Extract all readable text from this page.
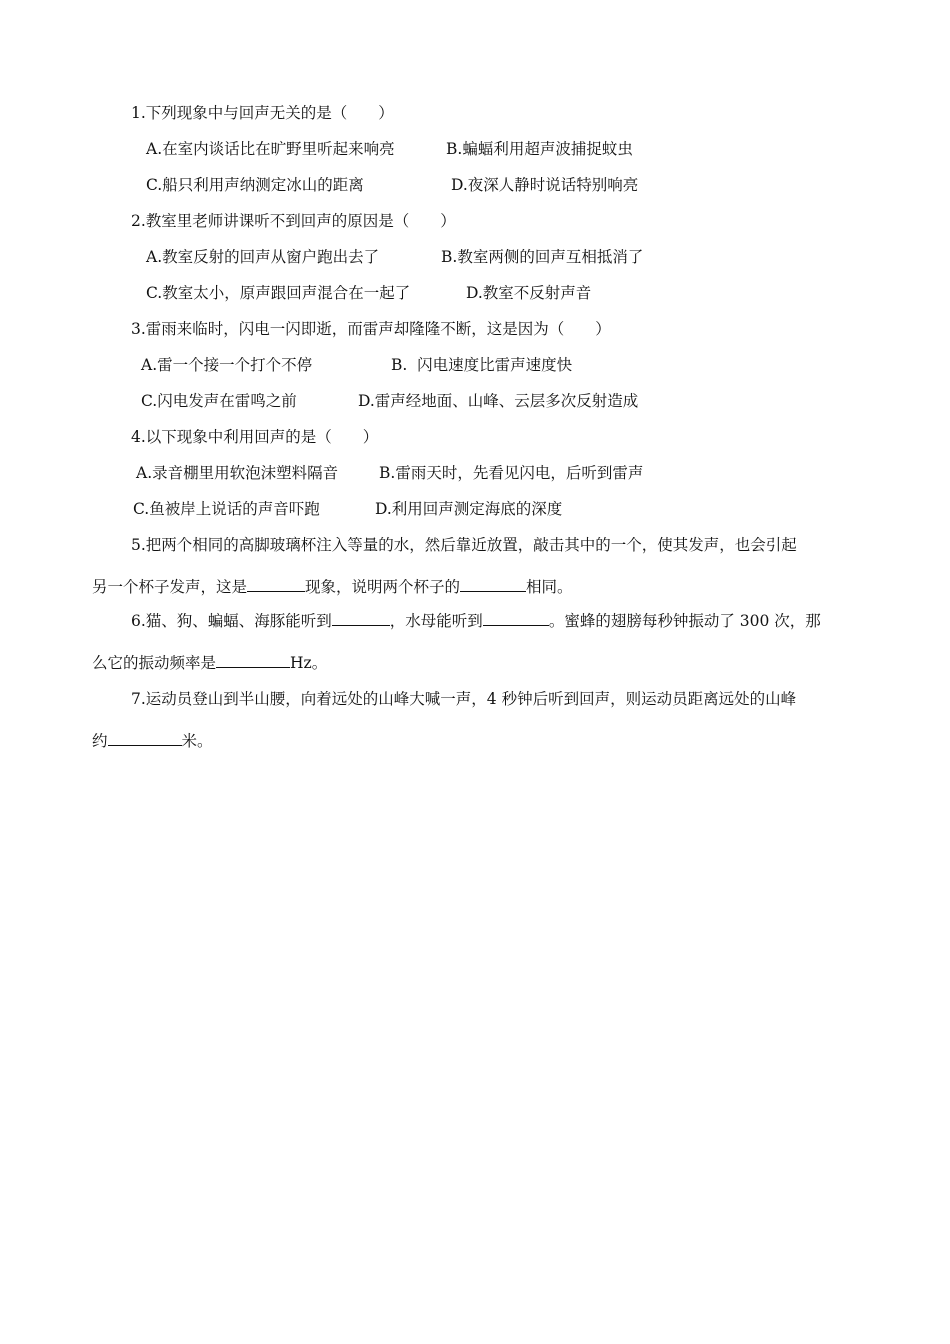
1.下列现象中与回声无关的是（　　）
A.在室内谈话比在旷野里听起来响亮	B.蝙蝠利用超声波捕捉蚊虫
C.船只利用声纳测定冰山的距离	D.夜深人静时说话特别响亮
2.教室里老师讲课听不到回声的原因是（　　）
A.教室反射的回声从窗户跑出去了	B.教室两侧的回声互相抵消了
C.教室太小，原声跟回声混合在一起了	D.教室不反射声音
3.雷雨来临时，闪电一闪即逝，而雷声却隆隆不断，这是因为（　　）
A.雷一个接一个打个不停	B.  闪电速度比雷声速度快
C.闪电发声在雷鸣之前	D.雷声经地面、山峰、云层多次反射造成
4.以下现象中利用回声的是（　　）
A.录音棚里用软泡沫塑料隔音	B.雷雨天时，先看见闪电，后听到雷声
C.鱼被岸上说话的声音吓跑	D.利用回声测定海底的深度
5.把两个相同的高脚玻璃杯注入等量的水，然后靠近放置，敲击其中的一个，使其发声，也会引起
另一个杯子发声，这是	现象，说明两个杯子的	相同。
6.猫、狗、蝙蝠、海豚能听到	，水母能听到	。蜜蜂的翅膀每秒钟振动了 300 次，那
么它的振动频率是	Hz。
7.运动员登山到半山腰，向着远处的山峰大喊一声，4 秒钟后听到回声，则运动员距离远处的山峰
约	米。
